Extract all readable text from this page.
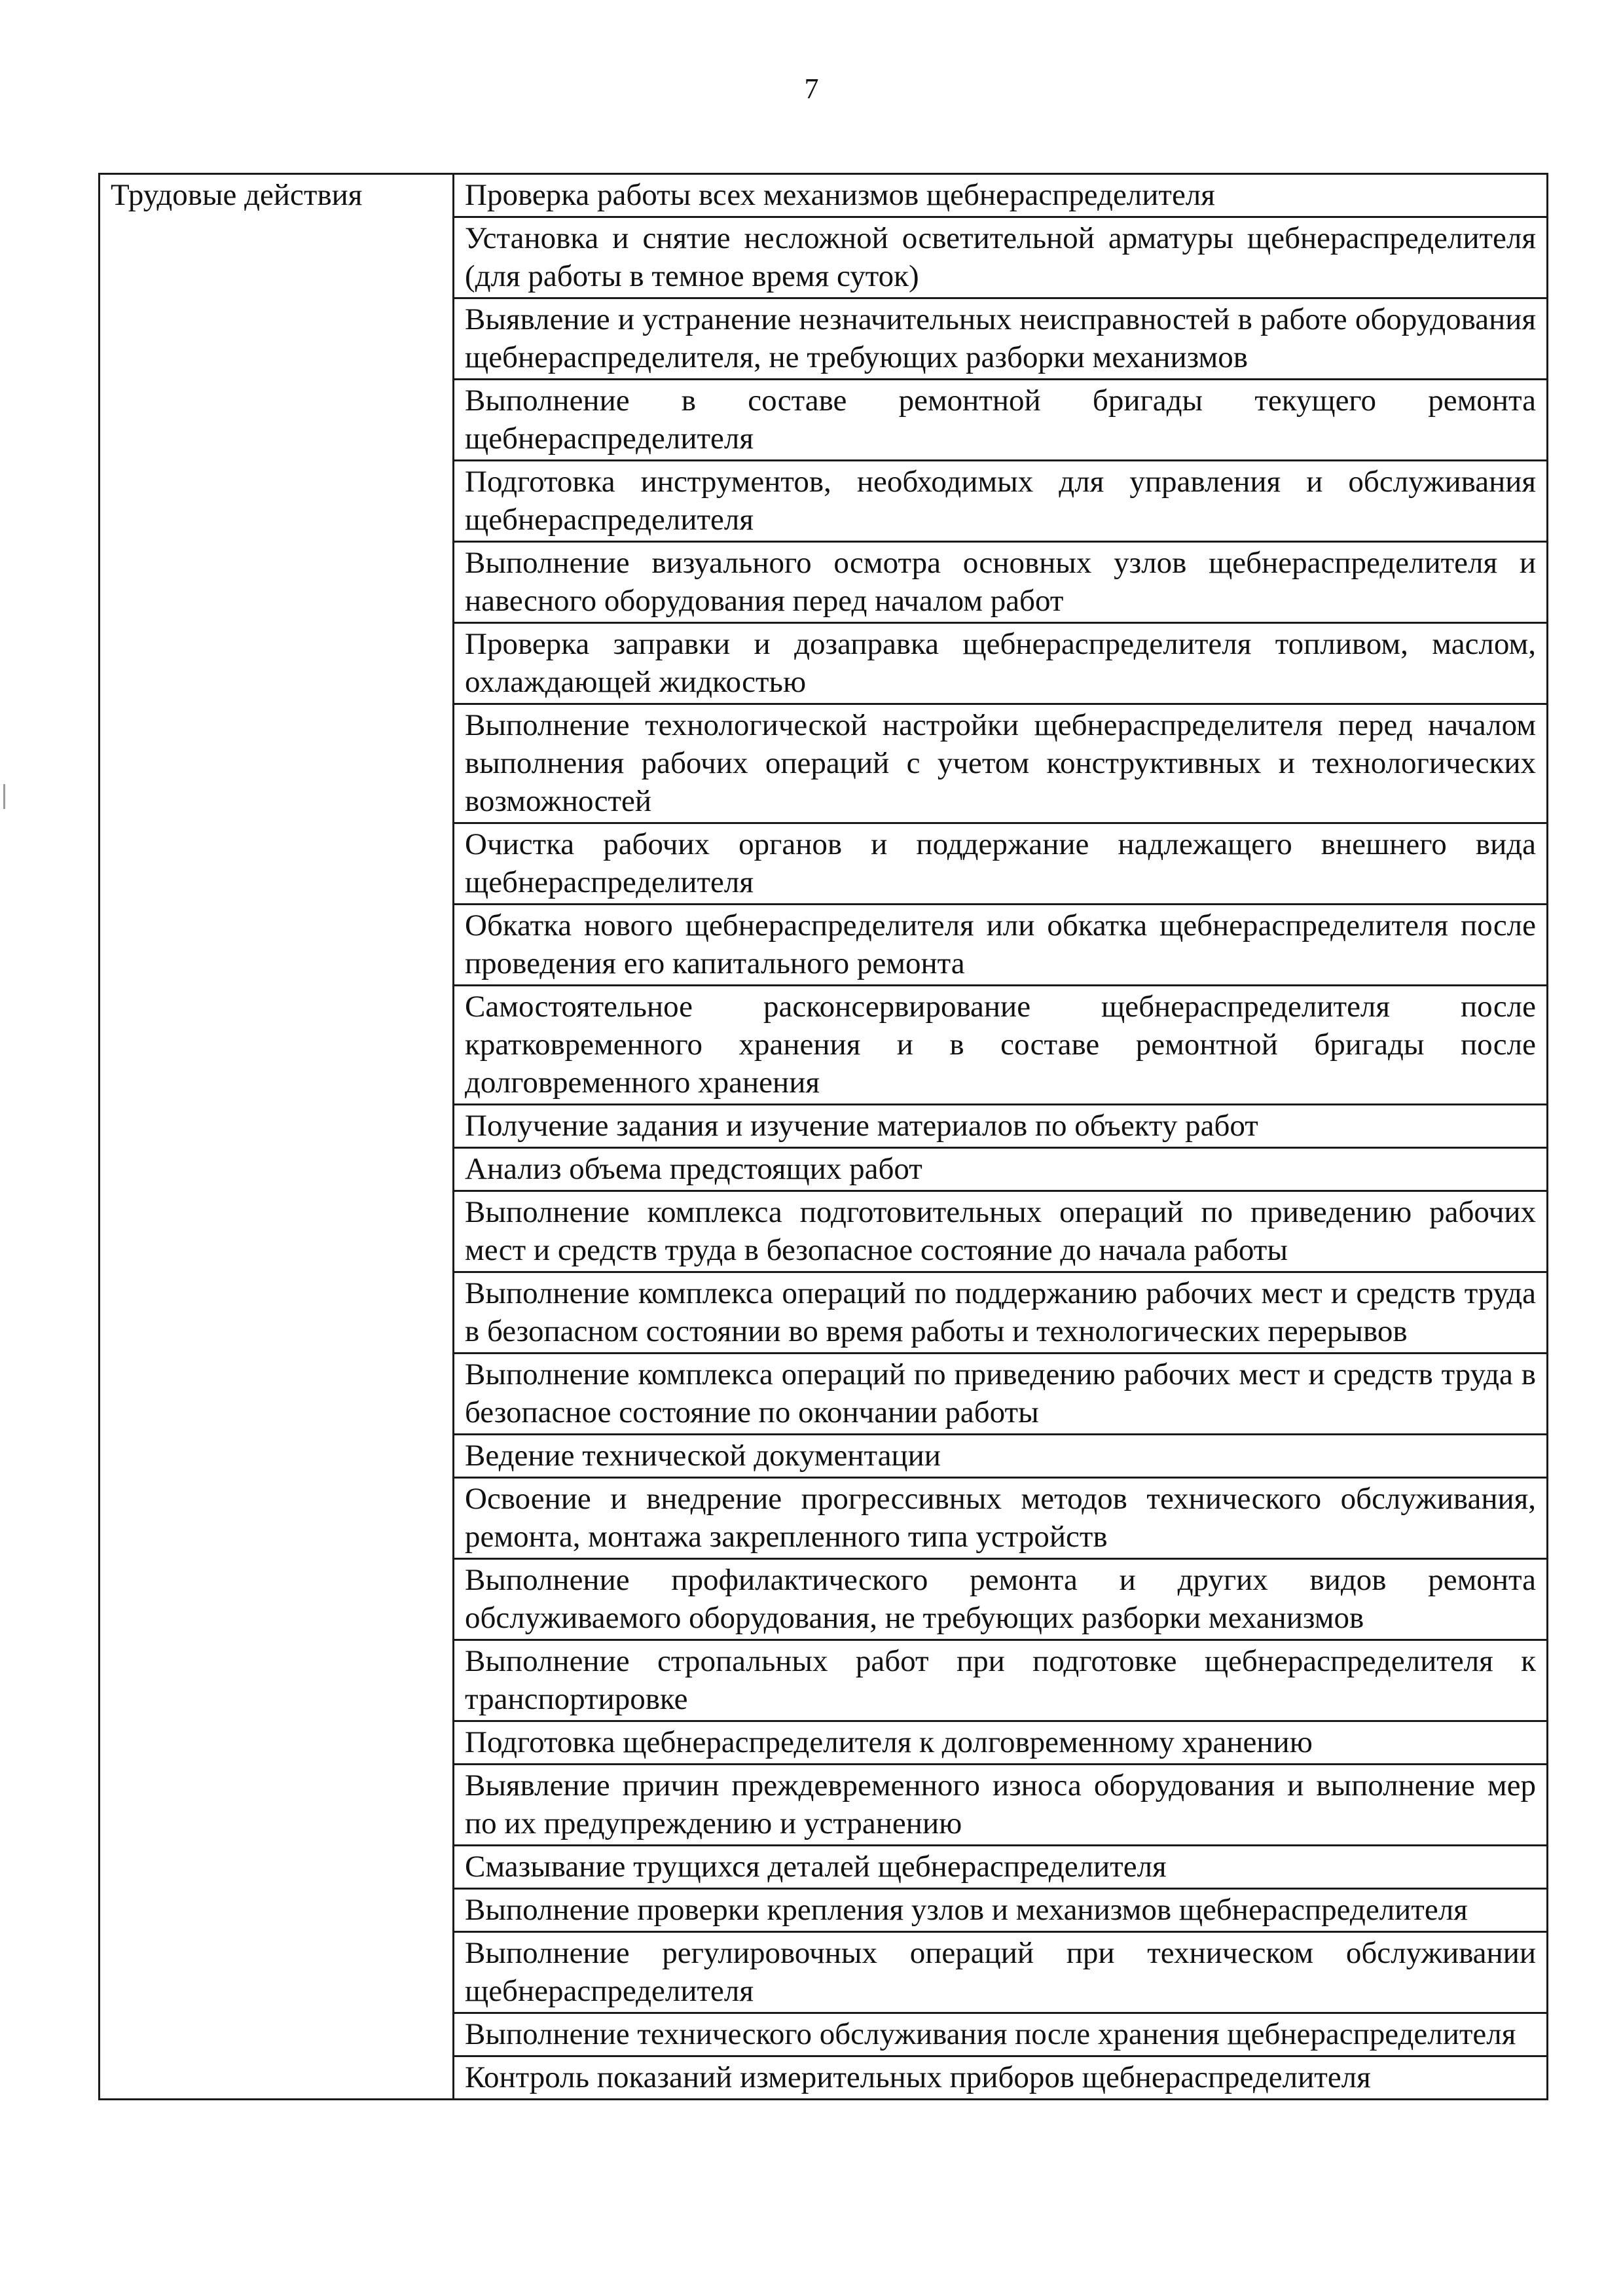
7
Трудовые действия	Проверка работы всех механизмов щебнераспределителя
Установка и снятие несложной осветительной арматуры щебнераспределителя (для работы в темное время суток)
Выявление и устранение незначительных неисправностей в работе оборудования щебнераспределителя, не требующих разборки механизмов
Выполнение в составе ремонтной бригады текущего ремонта щебнераспределителя
Подготовка инструментов, необходимых для управления и обслуживания щебнераспределителя
Выполнение визуального осмотра основных узлов щебнераспределителя и навесного оборудования перед началом работ
Проверка заправки и дозаправка щебнераспределителя топливом, маслом, охлаждающей жидкостью
Выполнение технологической настройки щебнераспределителя перед началом выполнения рабочих операций с учетом конструктивных и технологических возможностей
Очистка рабочих органов и поддержание надлежащего внешнего вида щебнераспределителя
Обкатка нового щебнераспределителя или обкатка щебнераспределителя после проведения его капитального ремонта
Самостоятельное расконсервирование щебнераспределителя после кратковременного хранения и в составе ремонтной бригады после долговременного хранения
Получение задания и изучение материалов по объекту работ
Анализ объема предстоящих работ
Выполнение комплекса подготовительных операций по приведению рабочих мест и средств труда в безопасное состояние до начала работы
Выполнение комплекса операций по поддержанию рабочих мест и средств труда в безопасном состоянии во время работы и технологических перерывов
Выполнение комплекса операций по приведению рабочих мест и средств труда в безопасное состояние по окончании работы
Ведение технической документации
Освоение и внедрение прогрессивных методов технического обслуживания, ремонта, монтажа закрепленного типа устройств
Выполнение профилактического ремонта и других видов ремонта обслуживаемого оборудования, не требующих разборки механизмов
Выполнение стропальных работ при подготовке щебнераспределителя к транспортировке
Подготовка щебнераспределителя к долговременному хранению
Выявление причин преждевременного износа оборудования и выполнение мер по их предупреждению и устранению
Смазывание трущихся деталей щебнераспределителя
Выполнение проверки крепления узлов и механизмов щебнераспределителя
Выполнение регулировочных операций при техническом обслуживании щебнераспределителя
Выполнение технического обслуживания после хранения щебнераспределителя
Контроль показаний измерительных приборов щебнераспределителя
